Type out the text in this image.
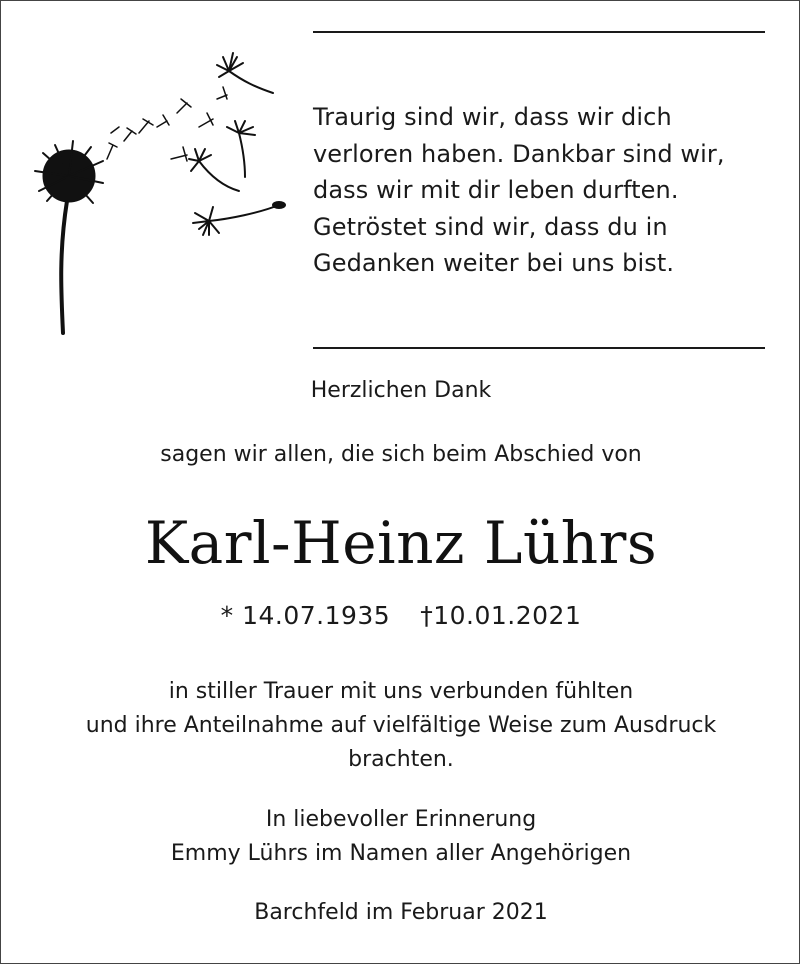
Traurig sind wir, dass wir dich
verloren haben. Dankbar sind wir,
dass wir mit dir leben durften.
Getröstet sind wir, dass du in
Gedanken weiter bei uns bist.
Herzlichen Dank
sagen wir allen, die sich beim Abschied von
Karl-Heinz Lührs
* 14.07.1935 †10.01.2021
in stiller Trauer mit uns verbunden fühlten
und ihre Anteilnahme auf vielfältige Weise zum Ausdruck
brachten.
In liebevoller Erinnerung
Emmy Lührs im Namen aller Angehörigen
Barchfeld im Februar 2021
